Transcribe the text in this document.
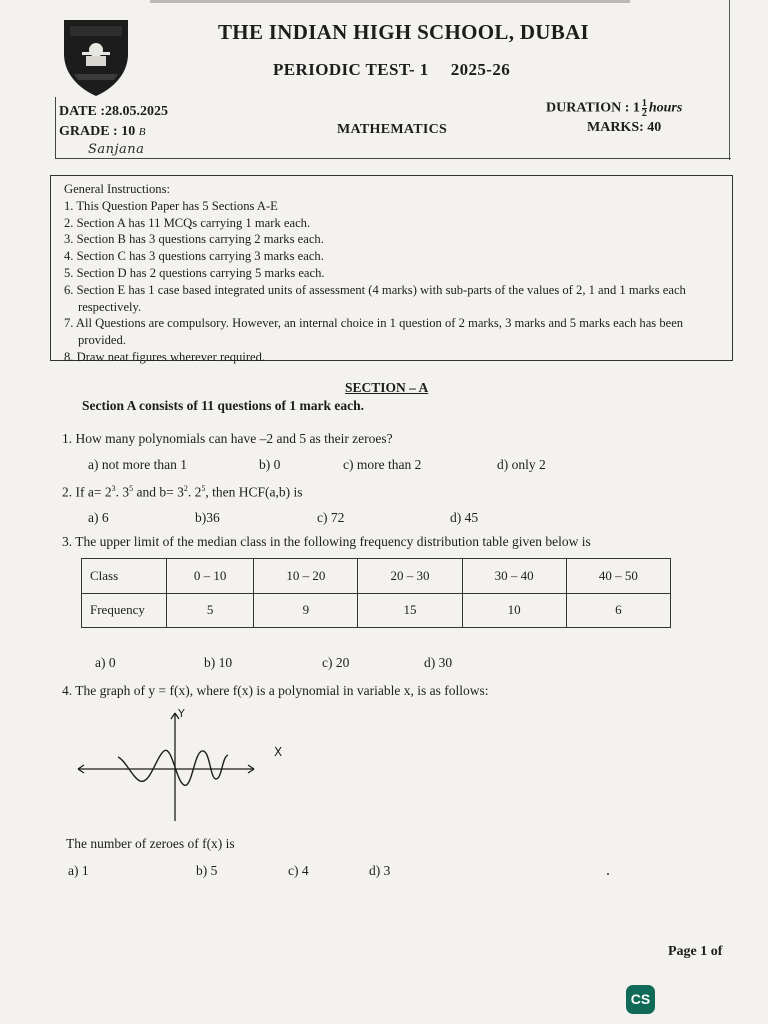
THE INDIAN HIGH SCHOOL, DUBAI
PERIODIC TEST- 1 2025-26
DATE :28.05.2025
GRADE : 10 B
DURATION : $1 \frac{1}{2}$ hours
MARKS: 40
MATHEMATICS
Sanjana

General Instructions:

1. This Question Paper has 5 Sections A-E
2. Section A has 11 MCQs carrying 1 mark each.
3. Section B has 3 questions carrying 2 marks each.
4. Section C has 3 questions carrying 3 marks each.
5. Section D has 2 questions carrying 5 marks each.
6. Section E has 1 case based integrated units of assessment (4 marks) with sub-parts of the values of 2, 1 and 1 marks each respectively.
7. All Questions are compulsory. However, an internal choice in 1 question of 2 marks, 3 marks and 5 marks each has been provided.
8. Draw neat figures wherever required.
SECTION – A
Section A consists of 11 questions of 1 mark each.
1. How many polynomials can have –2 and 5 as their zeroes?
a) not more than 1	b) 0	c) more than 2	d) only 2
2. If $a= 2^3$. $3^5$ and $b= 3^2$. $2^5$, then HCF(a,b) is
a) 6	b)36	c) 72	d) 45
3. The upper limit of the median class in the following frequency distribution table given below is
Class	0 – 10	10 – 20	20 – 30	30 – 40	40 – 50
Frequency	5	9	15	10	6
a) 0	b) 10	c) 20	d) 30
4. The graph of y = f(x), where f(x) is a polynomial in variable x, is as follows:
Y
X
The number of zeroes of f(x) is
a) 1	b) 5	c) 4	d) 3
Page 1 of
CS
